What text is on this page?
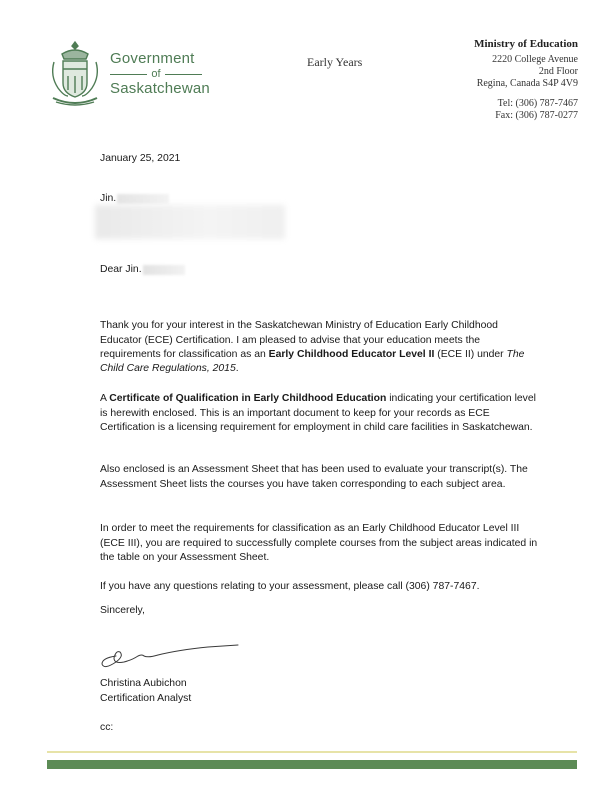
Government
of
Saskatchewan
Early Years
Ministry of Education
2220 College Avenue
2nd Floor
Regina, Canada S4P 4V9
Tel: (306) 787-7467
Fax: (306) 787-0277
January 25, 2021
Jin.
Dear Jin.

Thank you for your interest in the Saskatchewan Ministry of Education Early Childhood Educator (ECE) Certification. I am pleased to advise that your education meets the requirements for classification as an Early Childhood Educator Level II (ECE II) under The Child Care Regulations, 2015.

A Certificate of Qualification in Early Childhood Education indicating your certification level is herewith enclosed. This is an important document to keep for your records as ECE Certification is a licensing requirement for employment in child care facilities in Saskatchewan.

Also enclosed is an Assessment Sheet that has been used to evaluate your transcript(s). The Assessment Sheet lists the courses you have taken corresponding to each subject area.

In order to meet the requirements for classification as an Early Childhood Educator Level III (ECE III), you are required to successfully complete courses from the subject areas indicated in the table on your Assessment Sheet.

If you have any questions relating to your assessment, please call (306) 787-7467.

Sincerely,
Christina Aubichon
Certification Analyst
cc:
